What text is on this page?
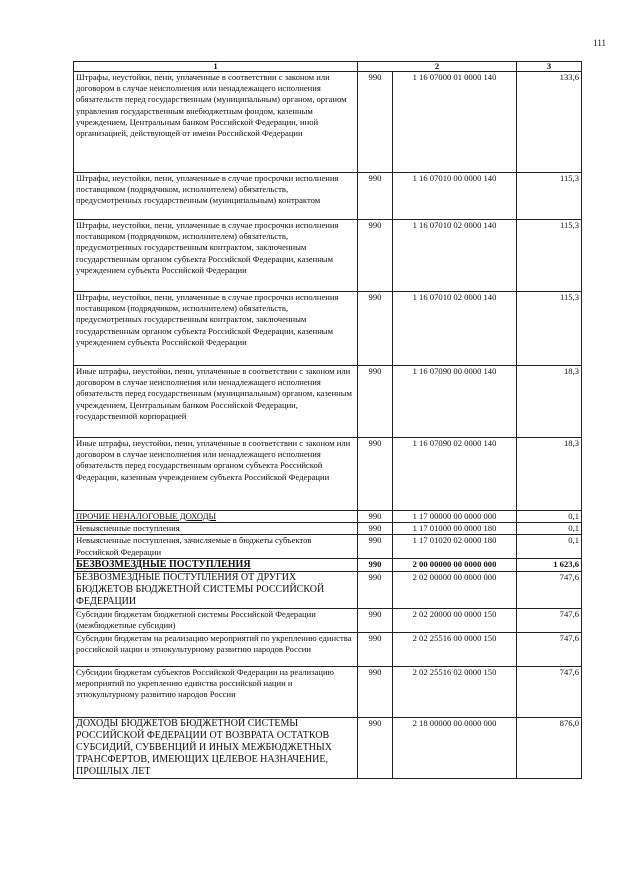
111
1	2		3
Штрафы, неустойки, пени, уплаченные в соответствии с законом или договором в случае неисполнения или ненадлежащего исполнения обязательств перед государственным (муниципальным) органом, органом управления государственным внебюджетным фондом, казенным учреждением, Центральным банком Российской Федерации, иной организацией, действующей от имени Российской Федерации	990	1 16 07000 01 0000 140	133,6
Штрафы, неустойки, пени, уплаченные в случае просрочки исполнения поставщиком (подрядчиком, исполнителем) обязательств, предусмотренных государственным (муниципальным) контрактом	990	1 16 07010 00 0000 140	115,3
Штрафы, неустойки, пени, уплаченные в случае просрочки исполнения поставщиком (подрядчиком, исполнителем) обязательств, предусмотренных государственным контрактом, заключенным государственным органом субъекта Российской Федерации, казенным учреждением субъекта Российской Федерации	990	1 16 07010 02 0000 140	115,3
Штрафы, неустойки, пени, уплаченные в случае просрочки исполнения поставщиком (подрядчиком, исполнителем) обязательств, предусмотренных государственным контрактом, заключенным государственным органом субъекта Российской Федерации, казенным учреждением субъекта Российской Федерации	990	1 16 07010 02 0000 140	115,3
Иные штрафы, неустойки, пени, уплаченные в соответствии с законом или договором в случае неисполнения или ненадлежащего исполнения обязательств перед государственным (муниципальным) органом, казенным учреждением, Центральным банком Российской Федерации, государственной корпорацией	990	1 16 07090 00 0000 140	18,3
Иные штрафы, неустойки, пени, уплаченные в соответствии с законом или договором в случае неисполнения или ненадлежащего исполнения обязательств перед государственным органом субъекта Российской Федерации, казенным учреждением субъекта Российской Федерации	990	1 16 07090 02 0000 140	18,3
ПРОЧИЕ НЕНАЛОГОВЫЕ ДОХОДЫ	990	1 17 00000 00 0000 000	0,1
Невыясненные поступления	990	1 17 01000 00 0000 180	0,1
Невыясненные поступления, зачисляемые в бюджеты субъектов Российской Федерации	990	1 17 01020 02 0000 180	0,1
БЕЗВОЗМЕЗДНЫЕ ПОСТУПЛЕНИЯ	990	2 00 00000 00 0000 000	1 623,6
БЕЗВОЗМЕЗДНЫЕ ПОСТУПЛЕНИЯ ОТ ДРУГИХ БЮДЖЕТОВ БЮДЖЕТНОЙ СИСТЕМЫ РОССИЙСКОЙ ФЕДЕРАЦИИ	990	2 02 00000 00 0000 000	747,6
Субсидии бюджетам бюджетной системы Российской Федерации (межбюджетные субсидии)	990	2 02 20000 00 0000 150	747,6
Субсидии бюджетам на реализацию мероприятий по укреплению единства российской нации и этнокультурному развитию народов России	990	2 02 25516 00 0000 150	747,6
Субсидии бюджетам субъектов Российской Федерации на реализацию мероприятий по укреплению единства российской нации и этнокультурному развитию народов России	990	2 02 25516 02 0000 150	747,6
ДОХОДЫ БЮДЖЕТОВ БЮДЖЕТНОЙ СИСТЕМЫ РОССИЙСКОЙ ФЕДЕРАЦИИ ОТ ВОЗВРАТА ОСТАТКОВ СУБСИДИЙ, СУБВЕНЦИЙ И ИНЫХ МЕЖБЮДЖЕТНЫХ ТРАНСФЕРТОВ, ИМЕЮЩИХ ЦЕЛЕВОЕ НАЗНАЧЕНИЕ, ПРОШЛЫХ ЛЕТ	990	2 18 00000 00 0000 000	876,0
